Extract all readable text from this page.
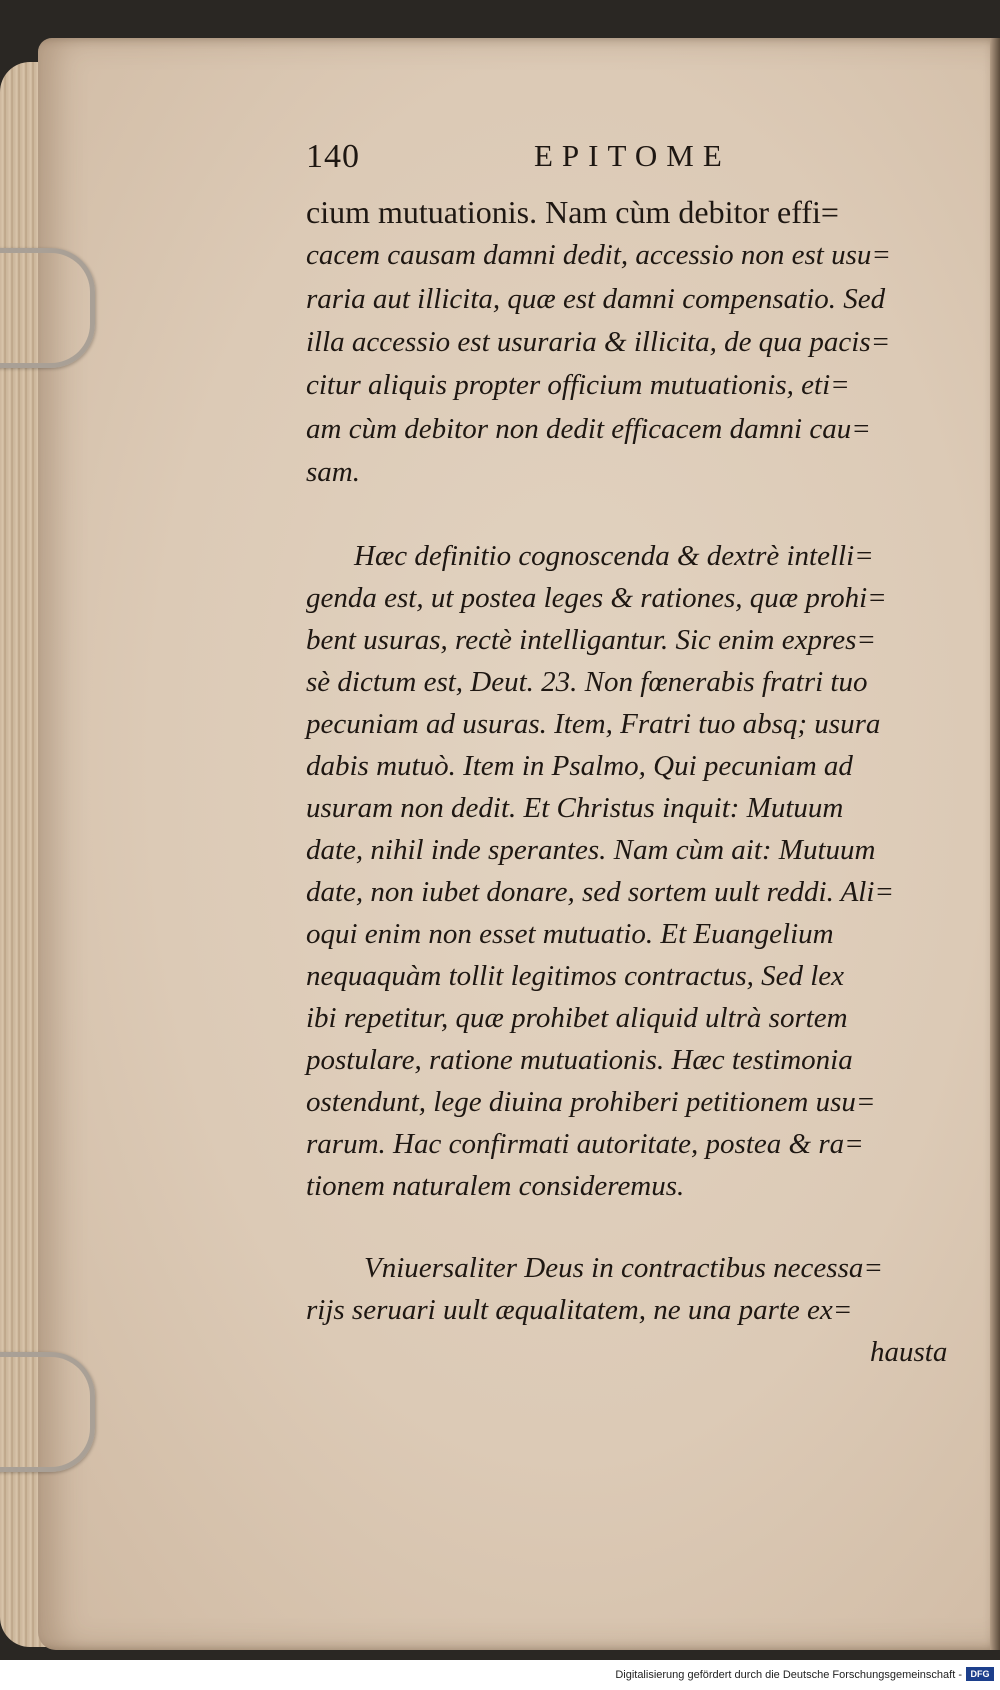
140	EPITOME
cium mutuationis. Nam cùm debitor effi=
cacem causam damni dedit, accessio non est usu=
raria aut illicita, quæ est damni compensatio. Sed
illa accessio est usuraria & illicita, de qua pacis=
citur aliquis propter officium mutuationis, eti=
am cùm debitor non dedit efficacem damni cau=
sam.
Hæc definitio cognoscenda & dextrè intelli=
genda est, ut postea leges & rationes, quæ prohi=
bent usuras, rectè intelligantur. Sic enim expres=
sè dictum est, Deut. 23. Non fœnerabis fratri tuo
pecuniam ad usuras. Item, Fratri tuo absq; usura
dabis mutuò. Item in Psalmo, Qui pecuniam ad
usuram non dedit. Et Christus inquit: Mutuum
date, nihil inde sperantes. Nam cùm ait: Mutuum
date, non iubet donare, sed sortem uult reddi. Ali=
oqui enim non esset mutuatio. Et Euangelium
nequaquàm tollit legitimos contractus, Sed lex
ibi repetitur, quæ prohibet aliquid ultrà sortem
postulare, ratione mutuationis. Hæc testimonia
ostendunt, lege diuina prohiberi petitionem usu=
rarum. Hac confirmati autoritate, postea & ra=
tionem naturalem consideremus.
Vniuersaliter Deus in contractibus necessa=
rijs seruari uult æqualitatem, ne una parte ex=
hausta
Digitalisierung gefördert durch die Deutsche Forschungsgemeinschaft - DFG
